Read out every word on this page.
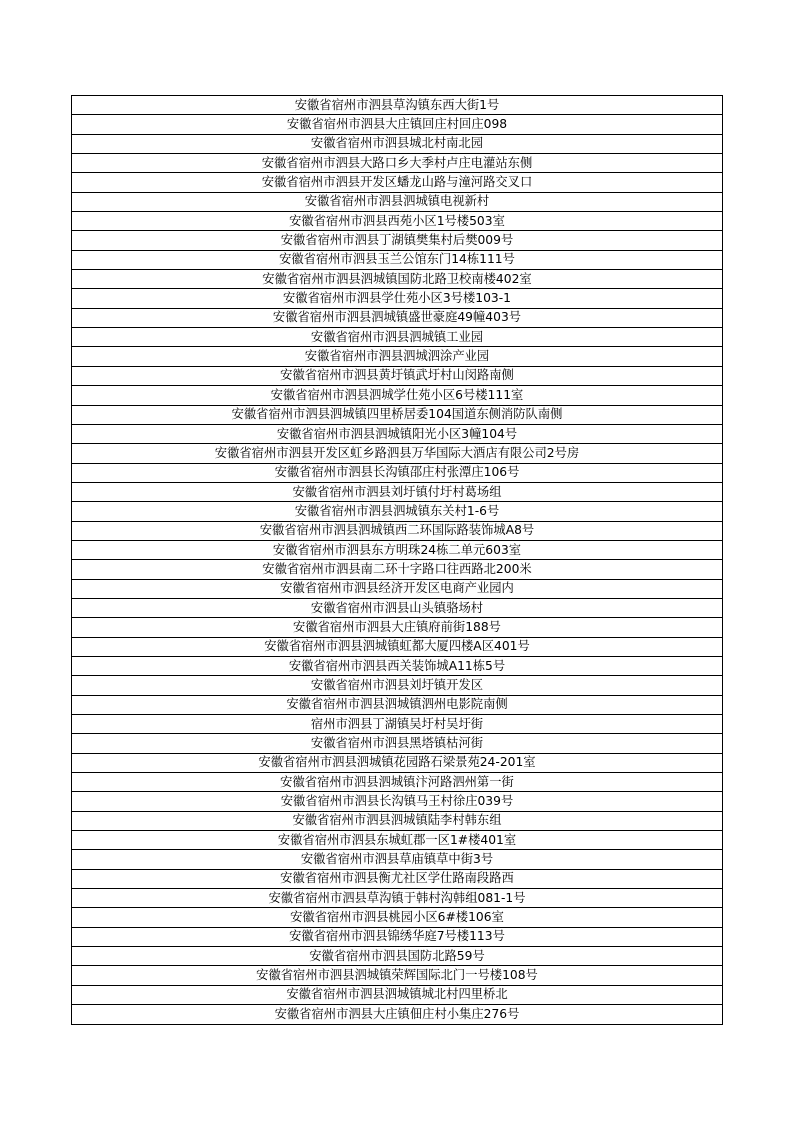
安徽省宿州市泗县草沟镇东西大街1号
安徽省宿州市泗县大庄镇回庄村回庄098
安徽省宿州市泗县城北村南北园
安徽省宿州市泗县大路口乡大季村卢庄电灌站东侧
安徽省宿州市泗县开发区蟠龙山路与潼河路交叉口
安徽省宿州市泗县泗城镇电视新村
安徽省宿州市泗县西苑小区1号楼503室
安徽省宿州市泗县丁湖镇樊集村后樊009号
安徽省宿州市泗县玉兰公馆东门14栋111号
安徽省宿州市泗县泗城镇国防北路卫校南楼402室
安徽省宿州市泗县学仕苑小区3号楼103-1
安徽省宿州市泗县泗城镇盛世豪庭49幢403号
安徽省宿州市泗县泗城镇工业园
安徽省宿州市泗县泗城泗涂产业园
安徽省宿州市泗县黄圩镇武圩村山闵路南侧
安徽省宿州市泗县泗城学仕苑小区6号楼111室
安徽省宿州市泗县泗城镇四里桥居委104国道东侧消防队南侧
安徽省宿州市泗县泗城镇阳光小区3幢104号
安徽省宿州市泗县开发区虹乡路泗县万华国际大酒店有限公司2号房
安徽省宿州市泗县长沟镇邵庄村张潭庄106号
安徽省宿州市泗县刘圩镇付圩村葛场组
安徽省宿州市泗县泗城镇东关村1-6号
安徽省宿州市泗县泗城镇西二环国际路装饰城A8号
安徽省宿州市泗县东方明珠24栋二单元603室
安徽省宿州市泗县南二环十字路口往西路北200米
安徽省宿州市泗县经济开发区电商产业园内
安徽省宿州市泗县山头镇骆场村
安徽省宿州市泗县大庄镇府前街188号
安徽省宿州市泗县泗城镇虹都大厦四楼A区401号
安徽省宿州市泗县西关装饰城A11栋5号
安徽省宿州市泗县刘圩镇开发区
安徽省宿州市泗县泗城镇泗州电影院南侧
宿州市泗县丁湖镇吴圩村吴圩街
安徽省宿州市泗县黑塔镇枯河街
安徽省宿州市泗县泗城镇花园路石梁景苑24-201室
安徽省宿州市泗县泗城镇汴河路泗州第一街
安徽省宿州市泗县长沟镇马王村徐庄039号
安徽省宿州市泗县泗城镇陆李村韩东组
安徽省宿州市泗县东城虹郡一区1#楼401室
安徽省宿州市泗县草庙镇草中街3号
安徽省宿州市泗县衡尤社区学仕路南段路西
安徽省宿州市泗县草沟镇于韩村沟韩组081-1号
安徽省宿州市泗县桃园小区6#楼106室
安徽省宿州市泗县锦绣华庭7号楼113号
安徽省宿州市泗县国防北路59号
安徽省宿州市泗县泗城镇荣辉国际北门一号楼108号
安徽省宿州市泗县泗城镇城北村四里桥北
安徽省宿州市泗县大庄镇佃庄村小集庄276号
